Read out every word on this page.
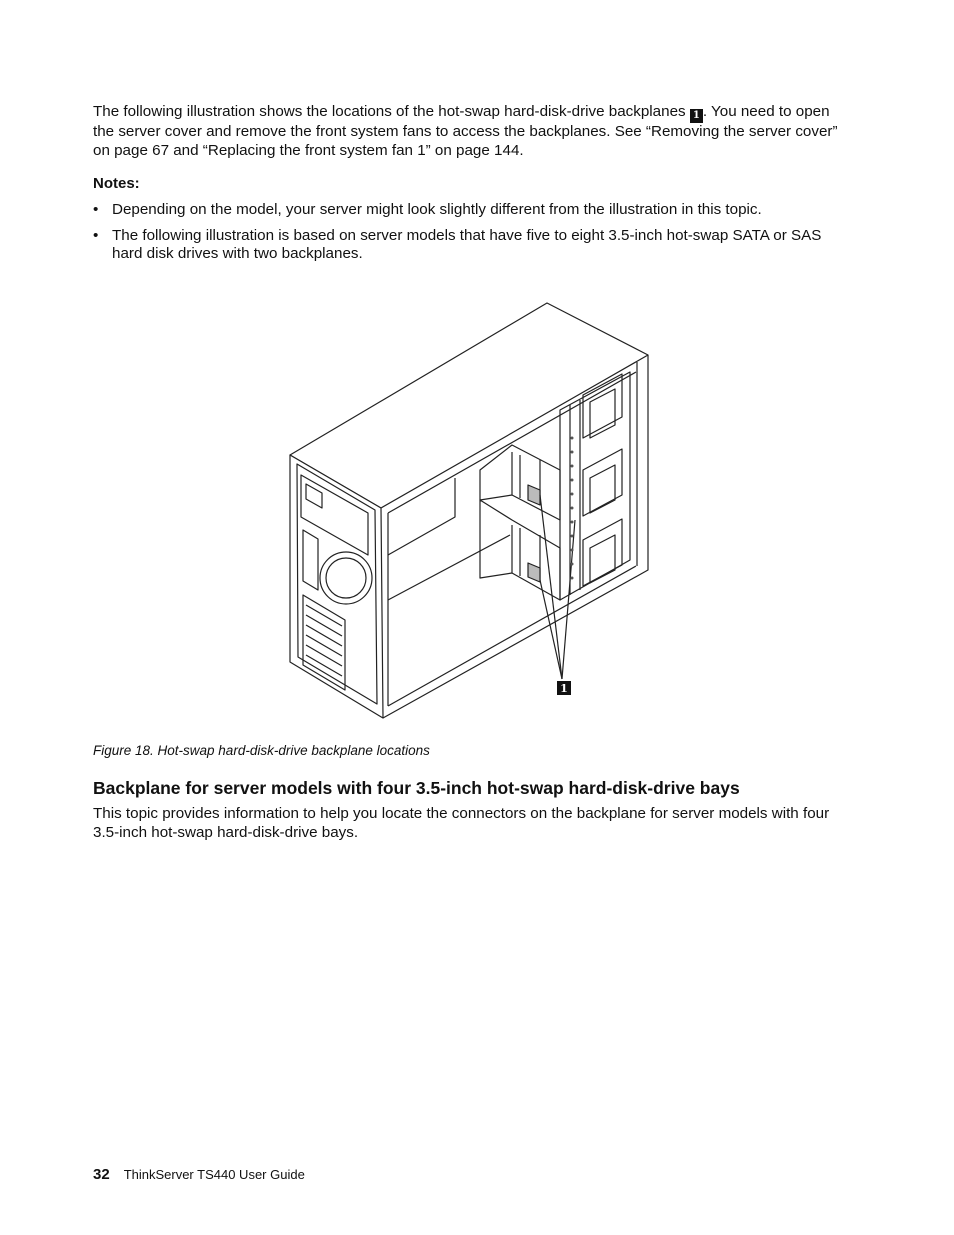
The following illustration shows the locations of the hot-swap hard-disk-drive backplanes 1 . You need to open the server cover and remove the front system fans to access the backplanes. See “Removing the server cover” on page 67 and “Replacing the front system fan 1” on page 144.

Notes:

• Depending on the model, your server might look slightly different from the illustration in this topic.
• The following illustration is based on server models that have five to eight 3.5-inch hot-swap SATA or SAS hard disk drives with two backplanes.
1

Figure 18. Hot-swap hard-disk-drive backplane locations

Backplane for server models with four 3.5-inch hot-swap hard-disk-drive bays

This topic provides information to help you locate the connectors on the backplane for server models with four 3.5-inch hot-swap hard-disk-drive bays.

32 ThinkServer TS440 User Guide
